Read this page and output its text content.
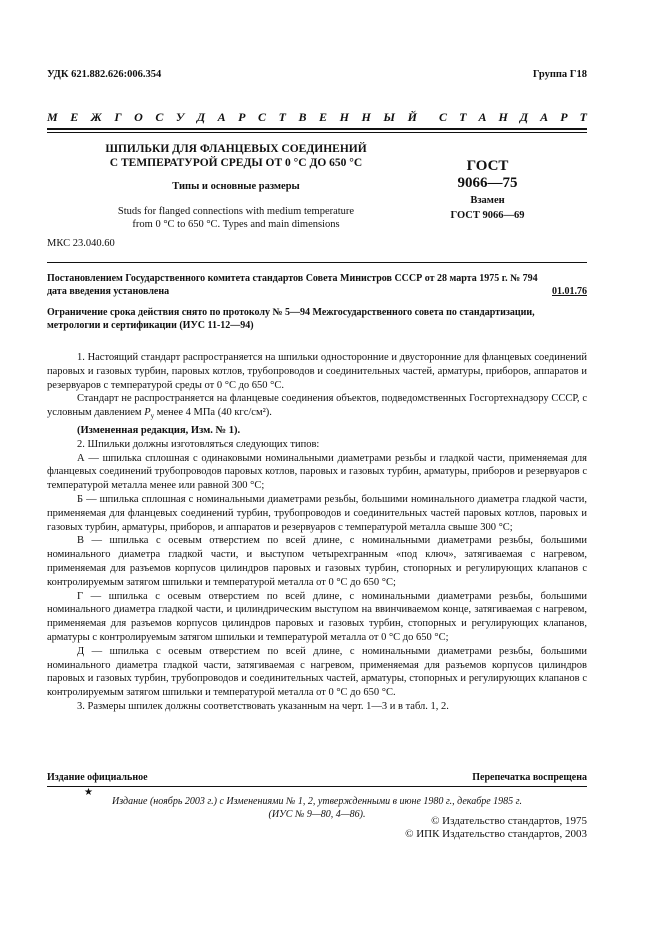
УДК 621.882.626:006.354	Группа Г18
М Е Ж Г О С У Д А Р С Т В Е Н Н Ы Й С Т А Н Д А Р Т
ШПИЛЬКИ ДЛЯ ФЛАНЦЕВЫХ СОЕДИНЕНИЙ
С ТЕМПЕРАТУРОЙ СРЕДЫ ОТ 0 °С ДО 650 °С
Типы и основные размеры
Studs for flanged connections with medium temperature
from 0 °С to 650 °С. Types and main dimensions
ГОСТ
9066—75
Взамен
ГОСТ 9066—69
МКС 23.040.60
Постановлением Государственного комитета стандартов Совета Министров СССР от 28 марта 1975 г. № 794
дата введения установлена	01.01.76
Ограничение срока действия снято по протоколу № 5—94 Межгосударственного совета по стандартизации,
метрологии и сертификации (ИУС 11-12—94)

1. Настоящий стандарт распространяется на шпильки односторонние и двусторонние для фланцевых соединений паровых и газовых турбин, паровых котлов, трубопроводов и соединительных частей, арматуры, приборов, аппаратов и резервуаров с температурой среды от 0 °С до 650 °С.

Стандарт не распространяется на фланцевые соединения объектов, подведомственных Госгортехнадзору СССР, с условным давлением $P_у$ менее 4 МПа (40 кгс/см²).

(Измененная редакция, Изм. № 1).

2. Шпильки должны изготовляться следующих типов:

А — шпилька сплошная с одинаковыми номинальными диаметрами резьбы и гладкой части, применяемая для фланцевых соединений трубопроводов паровых котлов, паровых и газовых турбин, арматуры, приборов и резервуаров с температурой металла менее или равной 300 °С;

Б — шпилька сплошная с номинальными диаметрами резьбы, большими номинального диаметра гладкой части, применяемая для фланцевых соединений турбин, трубопроводов и соединительных частей паровых котлов, паровых и газовых турбин, арматуры, приборов, и аппаратов и резервуаров с температурой металла свыше 300 °С;

В — шпилька с осевым отверстием по всей длине, с номинальными диаметрами резьбы, большими номинального диаметра гладкой части, и выступом четырехгранным «под ключ», затягиваемая с нагревом, применяемая для разъемов корпусов цилиндров паровых и газовых турбин, стопорных и регулирующих клапанов с контролируемым затягом шпильки и температурой металла от 0 °С до 650 °С;

Г — шпилька с осевым отверстием по всей длине, с номинальными диаметрами резьбы, большими номинального диаметра гладкой части, и цилиндрическим выступом на ввинчиваемом конце, затягиваемая с нагревом, применяемая для разъемов корпусов цилиндров паровых и газовых турбин, стопорных и регулирующих клапанов, арматуры с контролируемым затягом шпильки и температурой металла от 0 °С до 650 °С;

Д — шпилька с осевым отверстием по всей длине, с номинальными диаметрами резьбы, большими номинального диаметра гладкой части, затягиваемая с нагревом, применяемая для разъемов корпусов цилиндров паровых и газовых турбин, трубопроводов и соединительных частей, арматуры, стопорных и регулирующих клапанов с контролируемым затягом шпильки и температурой металла от 0 °С до 650 °С.

3. Размеры шпилек должны соответствовать указанным на черт. 1—3 и в табл. 1, 2.

Издание официальное	Перепечатка воспрещена
★
Издание (ноябрь 2003 г.) с Изменениями № 1, 2, утвержденными в июне 1980 г., декабре 1985 г.
(ИУС № 9—80, 4—86).
© Издательство стандартов, 1975
© ИПК Издательство стандартов, 2003
